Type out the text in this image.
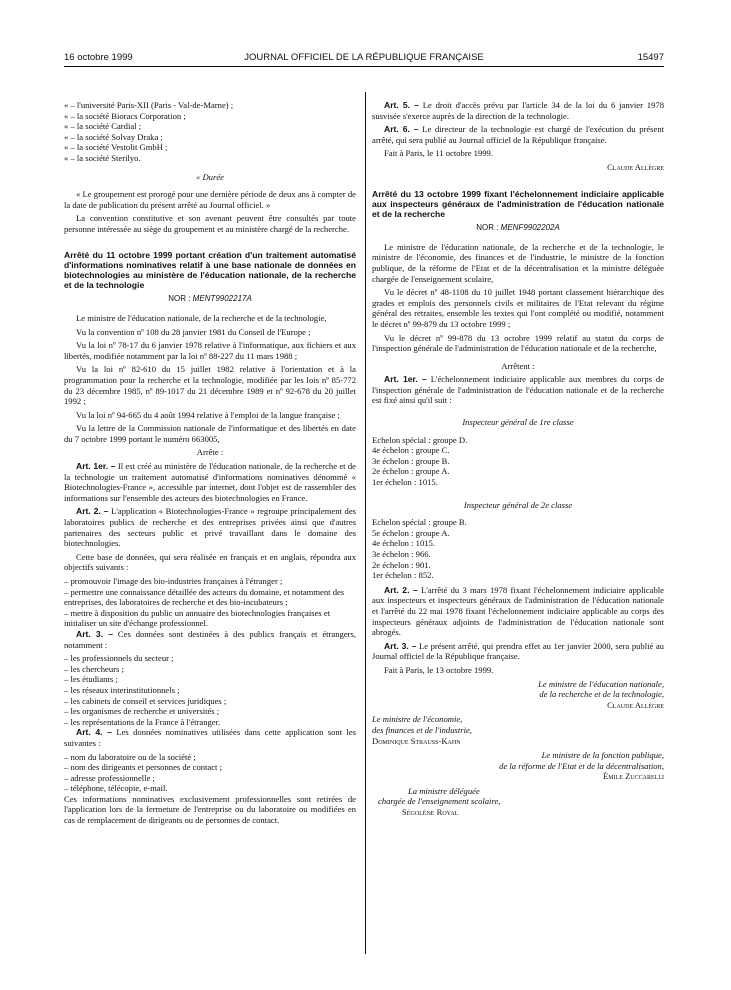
16 octobre 1999	JOURNAL OFFICIEL DE LA RÉPUBLIQUE FRANÇAISE	15497

« – l'université Paris-XII (Paris - Val-de-Marne) ;

« – la société Bioracs Corporation ;

« – la société Cardial ;

« – la société Solvay Draka ;

« – la société Vestolit GmbH ;

« – la société Sterilyo.

« Durée

« Le groupement est prorogé pour une dernière période de deux ans à compter de la date de publication du présent arrêté au Journal officiel. »

La convention constitutive et son avenant peuvent être consultés par toute personne intéressée au siège du groupement et au ministère chargé de la recherche.

Arrêté du 11 octobre 1999 portant création d'un traitement automatisé d'informations nominatives relatif à une base nationale de données en biotechnologies au ministère de l'éducation nationale, de la recherche et de la technologie

NOR : MENT9902217A

Le ministre de l'éducation nationale, de la recherche et de la technologie,

Vu la convention nº 108 du 28 janvier 1981 du Conseil de l'Europe ;

Vu la loi nº 78-17 du 6 janvier 1978 relative à l'informatique, aux fichiers et aux libertés, modifiée notamment par la loi nº 88-227 du 11 mars 1988 ;

Vu la loi nº 82-610 du 15 juillet 1982 relative à l'orientation et à la programmation pour la recherche et la technologie, modifiée par les lois nº 85-772 du 23 décembre 1985, nº 89-1017 du 21 décembre 1989 et nº 92-678 du 20 juillet 1992 ;

Vu la loi nº 94-665 du 4 août 1994 relative à l'emploi de la langue française ;

Vu la lettre de la Commission nationale de l'informatique et des libertés en date du 7 octobre 1999 portant le numéro 663005,

Arrête :

Art. 1er. – Il est créé au ministère de l'éducation nationale, de la recherche et de la technologie un traitement automatisé d'informations nominatives dénommé « Biotechnologies-France », accessible par internet, dont l'objet est de rassembler des informations sur l'ensemble des acteurs des biotechnologies en France.

Art. 2. – L'application « Biotechnologies-France » regroupe principalement des laboratoires publics de recherche et des entreprises privées ainsi que d'autres partenaires des secteurs public et privé travaillant dans le domaine des biotechnologies.

Cette base de données, qui sera réalisée en français et en anglais, répondra aux objectifs suivants :

– promouvoir l'image des bio-industries françaises à l'étranger ;

– permettre une connaissance détaillée des acteurs du domaine, et notamment des entreprises, des laboratoires de recherche et des bio-incubateurs ;

– mettre à disposition du public un annuaire des biotechnologies françaises et initialiser un site d'échange professionnel.

Art. 3. – Ces données sont destinées à des publics français et étrangers, notamment :

– les professionnels du secteur ;

– les chercheurs ;

– les étudiants ;

– les réseaux interinstitutionnels ;

– les cabinets de conseil et services juridiques ;

– les organismes de recherche et universités ;

– les représentations de la France à l'étranger.

Art. 4. – Les données nominatives utilisées dans cette application sont les suivantes :

– nom du laboratoire ou de la société ;

– nom des dirigeants et personnes de contact ;

– adresse professionnelle ;

– téléphone, télécopie, e-mail.

Ces informations nominatives exclusivement professionnelles sont retirées de l'application lors de la fermeture de l'entreprise ou du laboratoire ou modifiées en cas de remplacement de dirigeants ou de personnes de contact.

Art. 5. – Le droit d'accès prévu par l'article 34 de la loi du 6 janvier 1978 susvisée s'exerce auprès de la direction de la technologie.

Art. 6. – Le directeur de la technologie est chargé de l'exécution du présent arrêté, qui sera publié au Journal officiel de la République française.

Fait à Paris, le 11 octobre 1999.

Claude Allègre

Arrêté du 13 octobre 1999 fixant l'échelonnement indiciaire applicable aux inspecteurs généraux de l'administration de l'éducation nationale et de la recherche

NOR : MENF9902202A

Le ministre de l'éducation nationale, de la recherche et de la technologie, le ministre de l'économie, des finances et de l'industrie, le ministre de la fonction publique, de la réforme de l'Etat et de la décentralisation et la ministre déléguée chargée de l'enseignement scolaire,

Vu le décret nº 48-1108 du 10 juillet 1948 portant classement hiérarchique des grades et emplois des personnels civils et militaires de l'Etat relevant du régime général des retraites, ensemble les textes qui l'ont complété ou modifié, notamment le décret nº 99-879 du 13 octobre 1999 ;

Vu le décret nº 99-878 du 13 octobre 1999 relatif au statut du corps de l'inspection générale de l'administration de l'éducation nationale et de la recherche,

Arrêtent :

Art. 1er. – L'échelonnement indiciaire applicable aux membres du corps de l'inspection générale de l'administration de l'éducation nationale et de la recherche est fixé ainsi qu'il suit :

Inspecteur général de 1re classe

Echelon spécial : groupe D.

4e échelon : groupe C.

3e échelon : groupe B.

2e échelon : groupe A.

1er échelon : 1015.

Inspecteur général de 2e classe

Echelon spécial : groupe B.

5e échelon : groupe A.

4e échelon : 1015.

3e échelon : 966.

2e échelon : 901.

1er échelon : 852.

Art. 2. – L'arrêté du 3 mars 1978 fixant l'échelonnement indiciaire applicable aux inspecteurs et inspecteurs généraux de l'administration de l'éducation nationale et l'arrêté du 22 mai 1978 fixant l'échelonnement indiciaire applicable au corps des inspecteurs généraux adjoints de l'administration de l'éducation nationale sont abrogés.

Art. 3. – Le présent arrêté, qui prendra effet au 1er janvier 2000, sera publié au Journal officiel de la République française.

Fait à Paris, le 13 octobre 1999.

Le ministre de l'éducation nationale,

de la recherche et de la technologie,

Claude Allègre

Le ministre de l'économie,

des finances et de l'industrie,

Dominique Strauss-Kahn

Le ministre de la fonction publique,

de la réforme de l'Etat et de la décentralisation,

Émile Zuccarelli

La ministre déléguée

chargée de l'enseignement scolaire,

Ségolène Royal
